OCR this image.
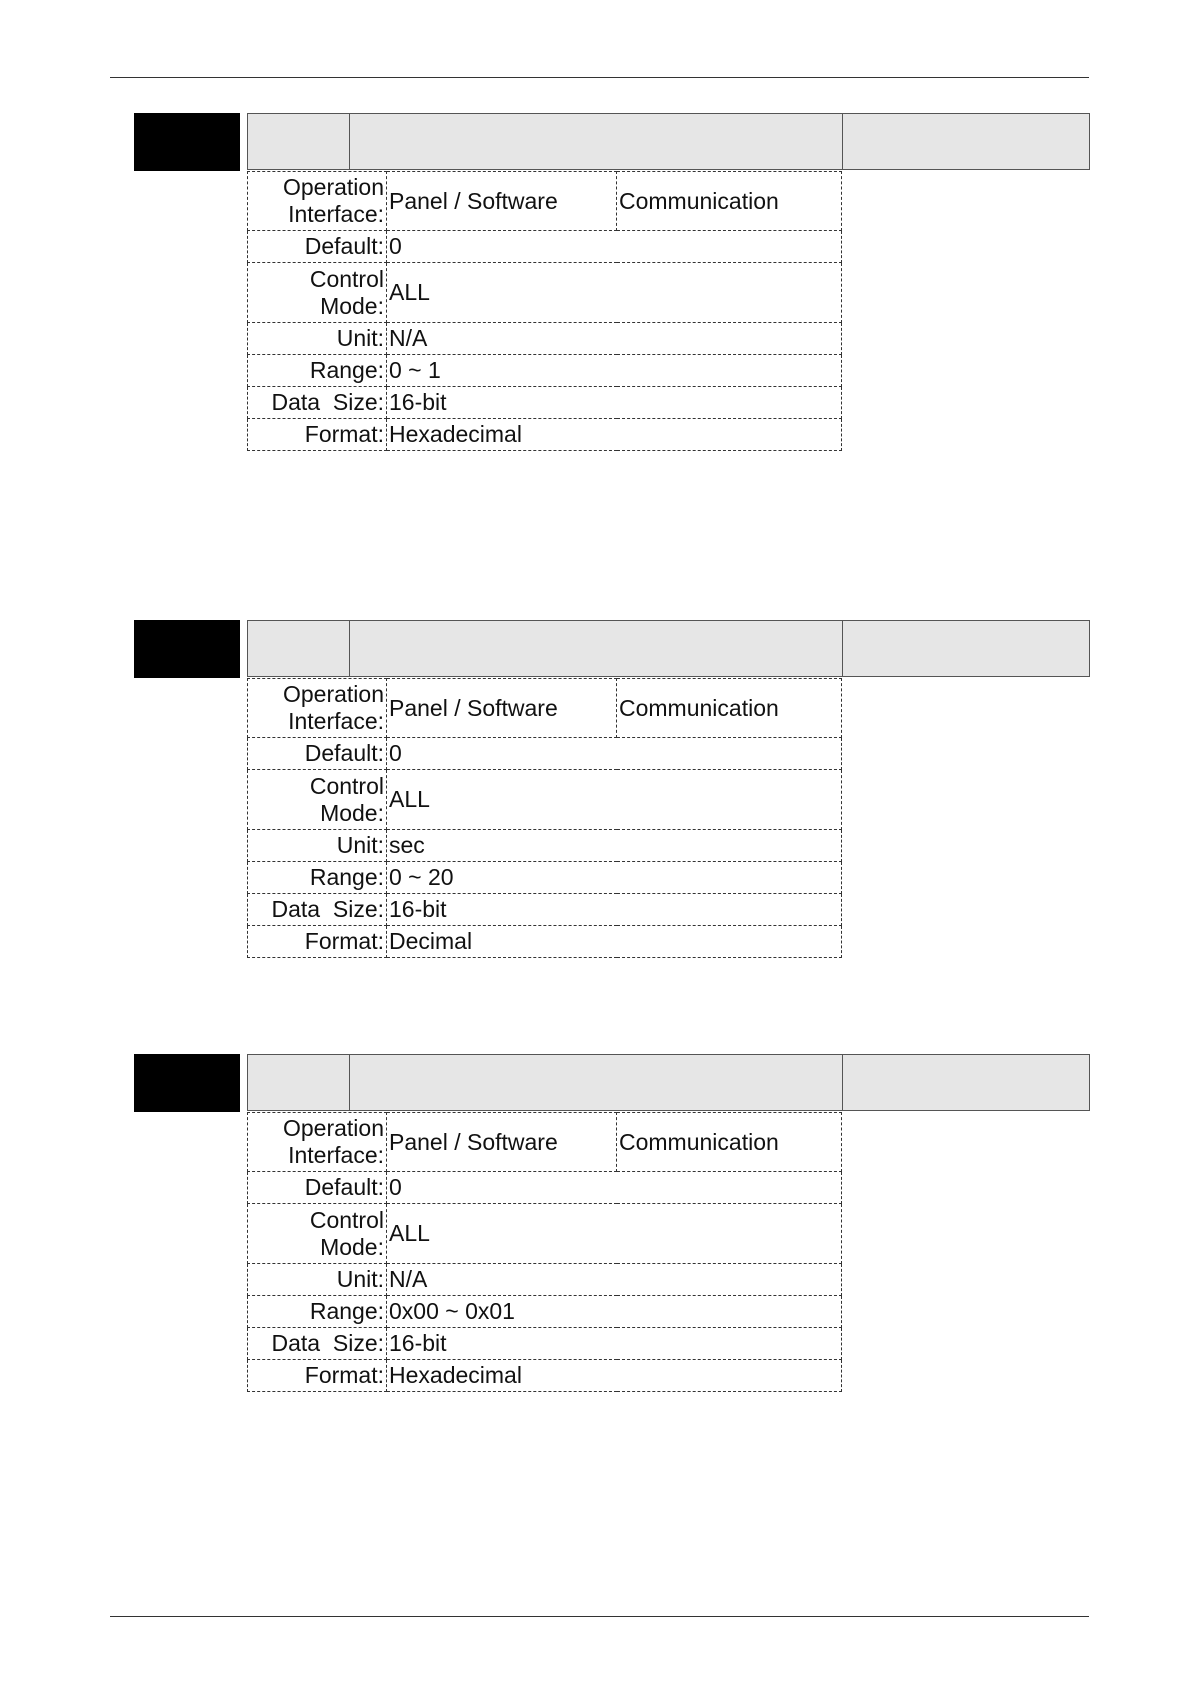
Operation Interface:	Panel / Software	Communication
Default:	0	
Control Mode:	ALL	
Unit:	N/A	
Range:	0 ~ 1	
Data  Size:	16-bit	
Format:	Hexadecimal	
Operation Interface:	Panel / Software	Communication
Default:	0	
Control Mode:	ALL	
Unit:	sec	
Range:	0 ~ 20	
Data  Size:	16-bit	
Format:	Decimal	
Operation Interface:	Panel / Software	Communication
Default:	0	
Control Mode:	ALL	
Unit:	N/A	
Range:	0x00 ~ 0x01	
Data  Size:	16-bit	
Format:	Hexadecimal	
